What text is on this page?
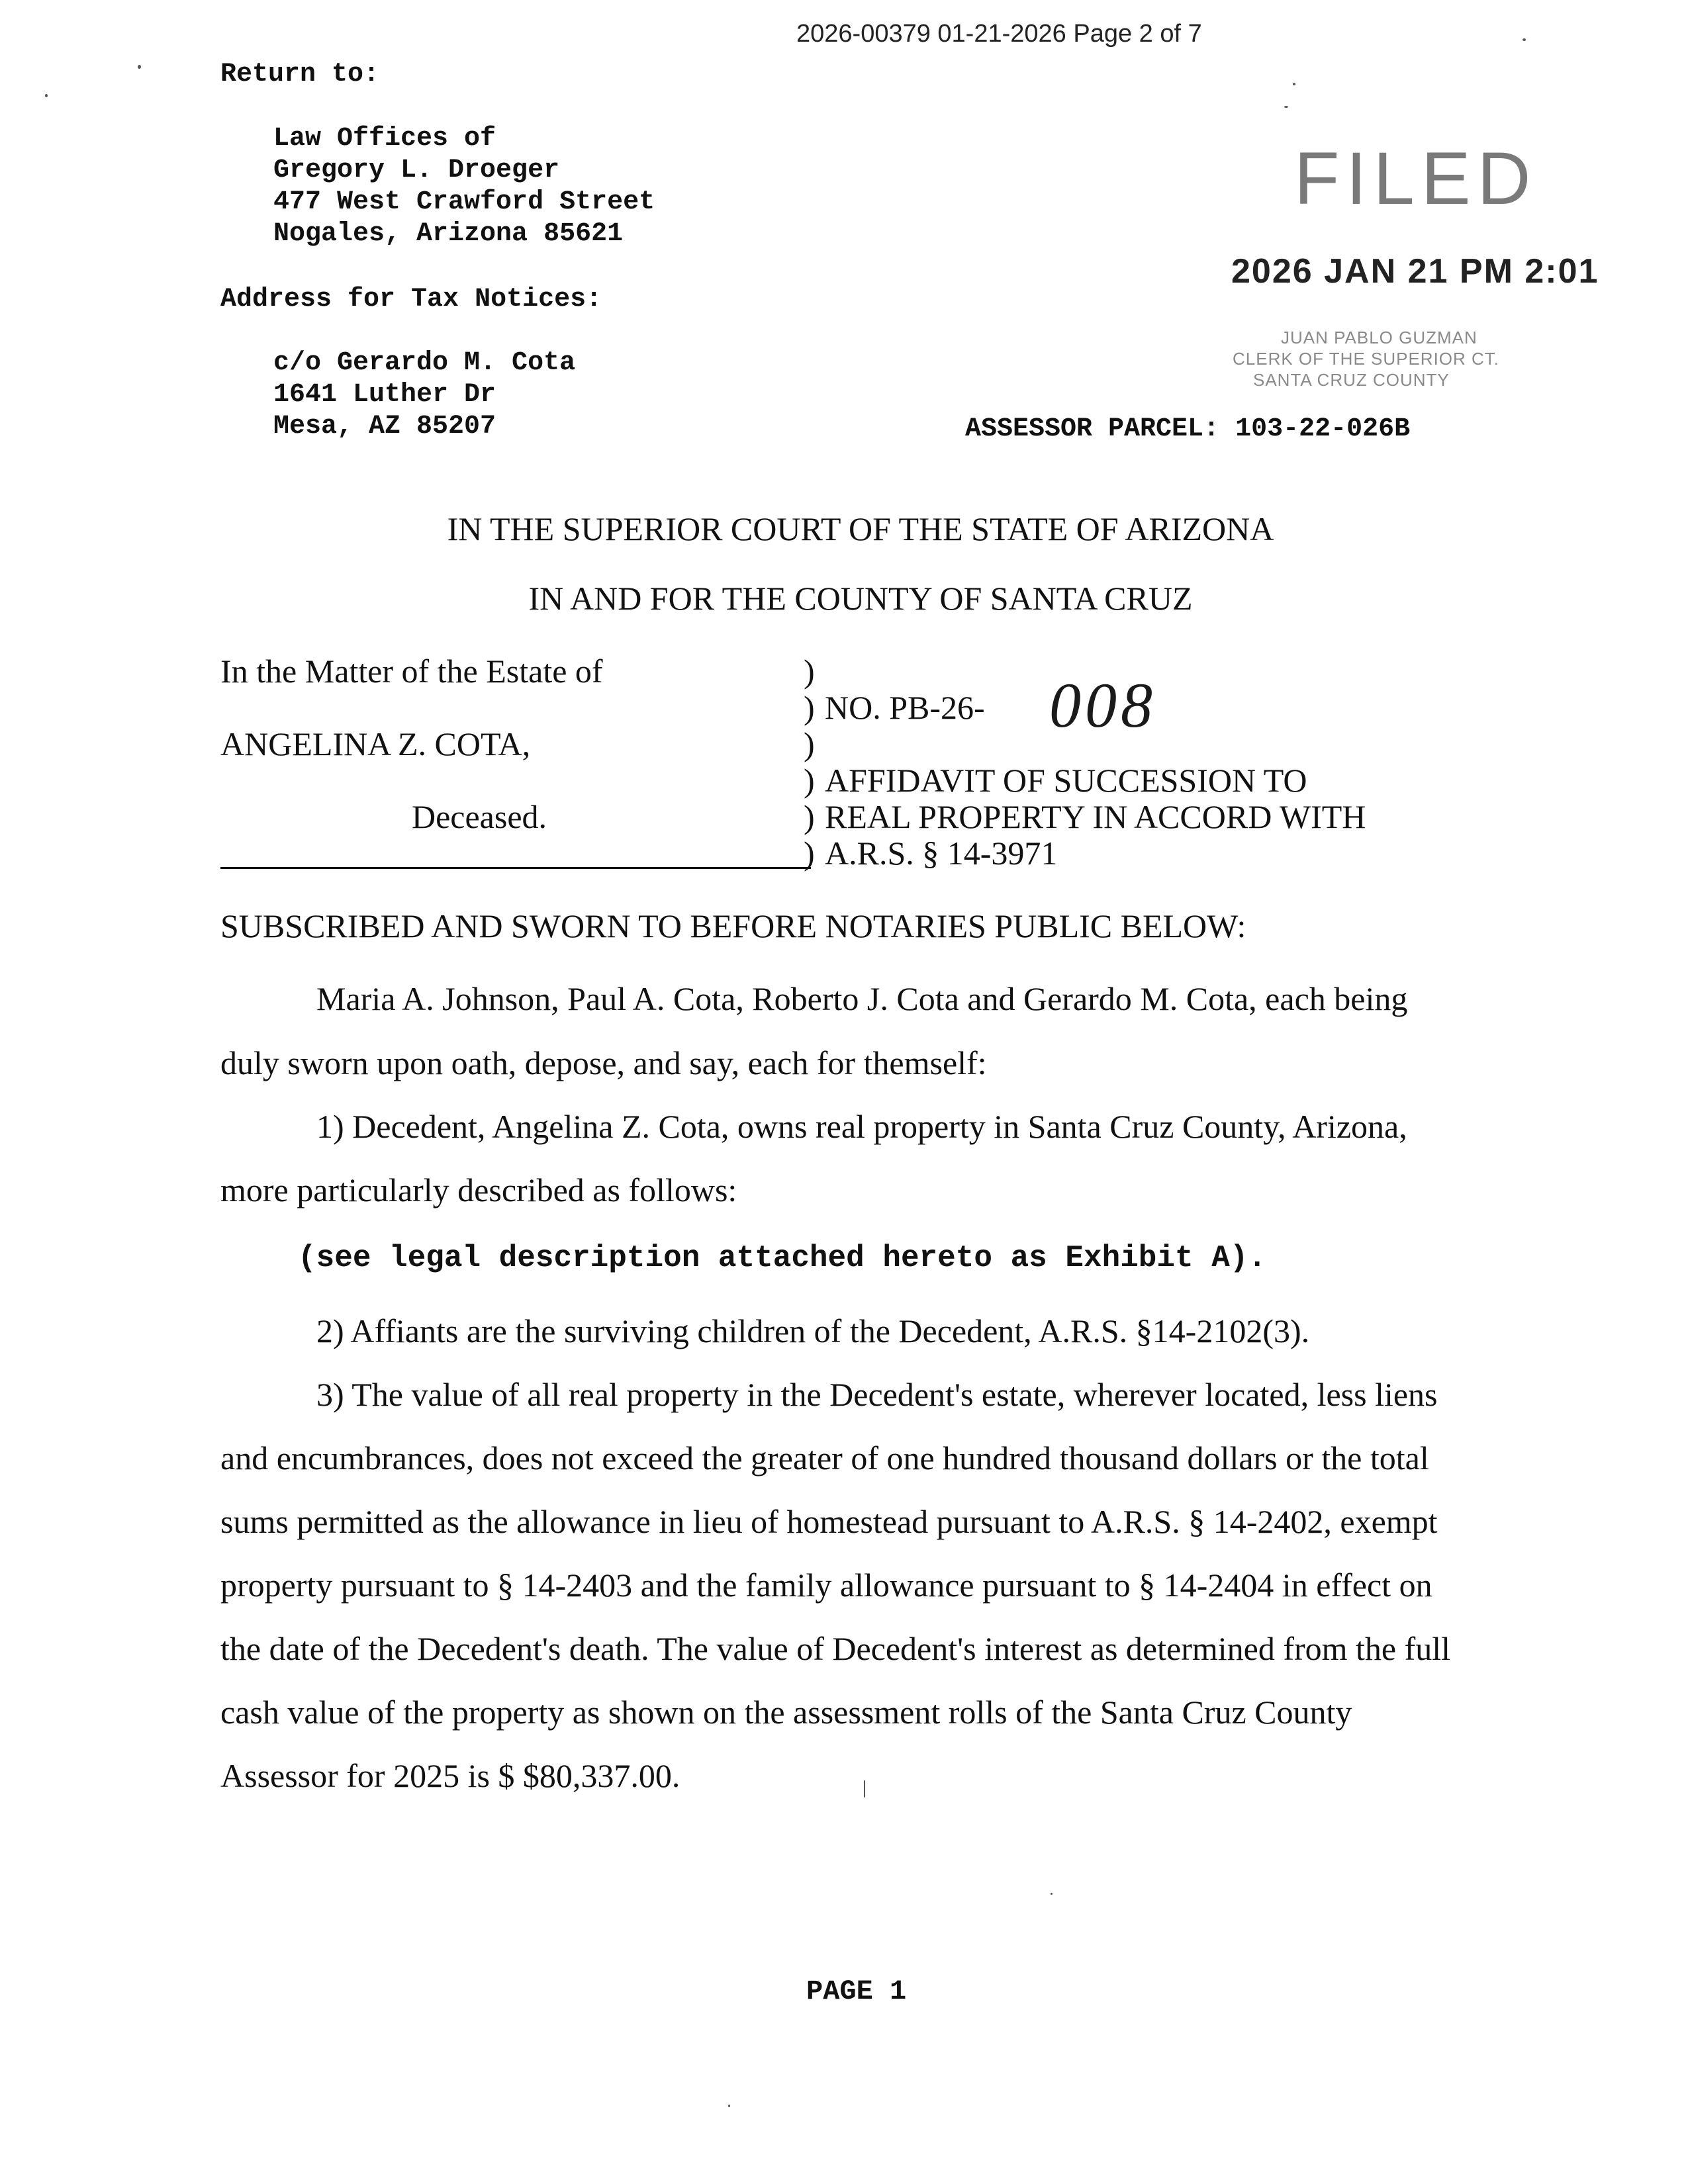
2026-00379 01-21-2026 Page 2 of 7
Return to:
Law Offices of
Gregory L. Droeger
477 West Crawford Street
Nogales, Arizona 85621
Address for Tax Notices:
c/o Gerardo M. Cota
1641 Luther Dr
Mesa, AZ 85207
FILED
2026 JAN 21 PM 2:01
JUAN PABLO GUZMAN
CLERK OF THE SUPERIOR CT.
SANTA CRUZ COUNTY
ASSESSOR PARCEL: 103-22-026B
IN THE SUPERIOR COURT OF THE STATE OF ARIZONA
IN AND FOR THE COUNTY OF SANTA CRUZ
In the Matter of the Estate of
ANGELINA Z. COTA,
Deceased.
)
)
)
)
)
)
NO. PB-26- 008
AFFIDAVIT OF SUCCESSION TO
REAL PROPERTY IN ACCORD WITH
A.R.S. § 14-3971
SUBSCRIBED AND SWORN TO BEFORE NOTARIES PUBLIC BELOW:
Maria A. Johnson, Paul A. Cota, Roberto J. Cota and Gerardo M. Cota, each being
duly sworn upon oath, depose, and say, each for themself:
1) Decedent, Angelina Z. Cota, owns real property in Santa Cruz County, Arizona,
more particularly described as follows:
(see legal description attached hereto as Exhibit A).
2) Affiants are the surviving children of the Decedent, A.R.S. §14-2102(3).
3) The value of all real property in the Decedent's estate, wherever located, less liens
and encumbrances, does not exceed the greater of one hundred thousand dollars or the total
sums permitted as the allowance in lieu of homestead pursuant to A.R.S. § 14-2402, exempt
property pursuant to § 14-2403 and the family allowance pursuant to § 14-2404 in effect on
the date of the Decedent's death. The value of Decedent's interest as determined from the full
cash value of the property as shown on the assessment rolls of the Santa Cruz County
Assessor for 2025 is $ $80,337.00.
PAGE 1
